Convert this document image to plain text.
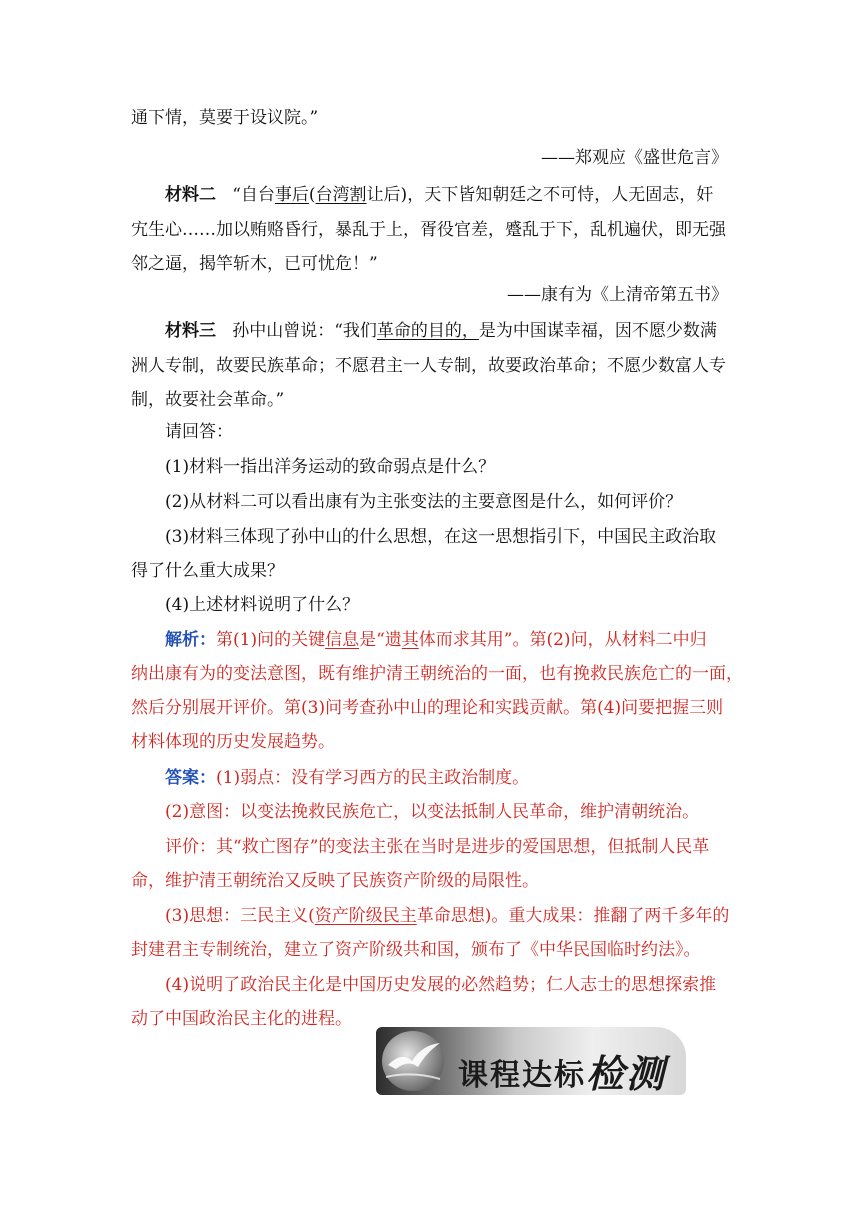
通下情，莫要于设议院。”
——郑观应《盛世危言》
材料二 “自台事后(台湾割让后)，天下皆知朝廷之不可恃，人无固志，奸
宄生心……加以贿赂昏行，暴乱于上，胥役官差，蹙乱于下，乱机遍伏，即无强
邻之逼，揭竿斩木，已可忧危！”
——康有为《上清帝第五书》
材料三 孙中山曾说：“我们革命的目的，是为中国谋幸福，因不愿少数满
洲人专制，故要民族革命；不愿君主一人专制，故要政治革命；不愿少数富人专
制，故要社会革命。”
请回答：
(1)材料一指出洋务运动的致命弱点是什么？
(2)从材料二可以看出康有为主张变法的主要意图是什么，如何评价？
(3)材料三体现了孙中山的什么思想，在这一思想指引下，中国民主政治取
得了什么重大成果？
(4)上述材料说明了什么？
解析：第(1)问的关键信息是“遗其体而求其用”。第(2)问，从材料二中归
纳出康有为的变法意图，既有维护清王朝统治的一面，也有挽救民族危亡的一面，
然后分别展开评价。第(3)问考查孙中山的理论和实践贡献。第(4)问要把握三则
材料体现的历史发展趋势。
答案：(1)弱点：没有学习西方的民主政治制度。
(2)意图：以变法挽救民族危亡，以变法抵制人民革命，维护清朝统治。
评价：其“救亡图存”的变法主张在当时是进步的爱国思想，但抵制人民革
命，维护清王朝统治又反映了民族资产阶级的局限性。
(3)思想：三民主义(资产阶级民主革命思想)。重大成果：推翻了两千多年的
封建君主专制统治，建立了资产阶级共和国，颁布了《中华民国临时约法》。
(4)说明了政治民主化是中国历史发展的必然趋势；仁人志士的思想探索推
动了中国政治民主化的进程。
课程达标检测
